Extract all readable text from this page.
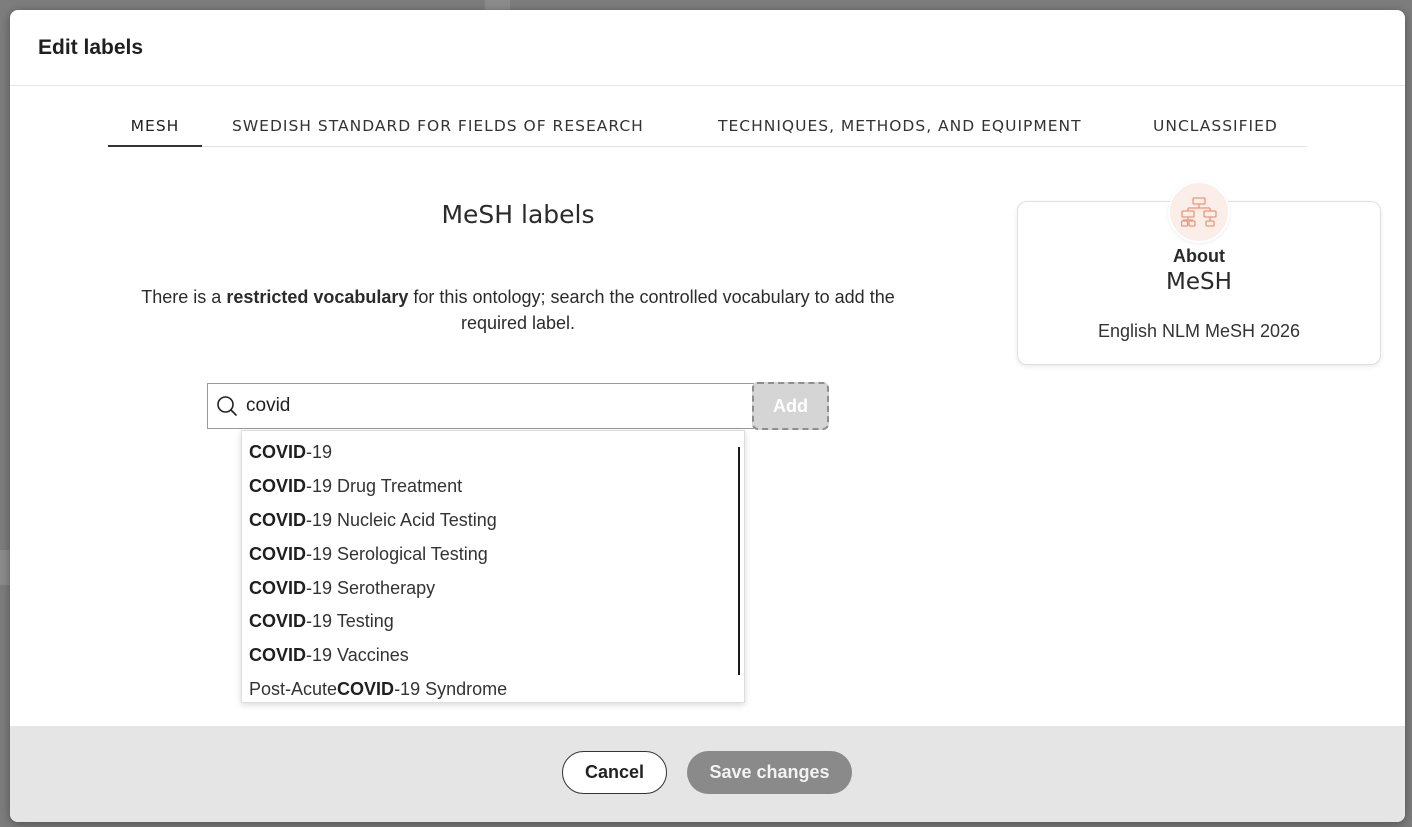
Edit labels
MESH	SWEDISH STANDARD FOR FIELDS OF RESEARCH	TECHNIQUES, METHODS, AND EQUIPMENT	UNCLASSIFIED
MeSH labels
There is a restricted vocabulary for this ontology; search the controlled vocabulary to add the required label.
covid
Add
COVID -19
COVID -19 Drug Treatment
COVID -19 Nucleic Acid Testing
COVID -19 Serological Testing
COVID -19 Serotherapy
COVID -19 Testing
COVID -19 Vaccines
Post-Acute COVID -19 Syndrome
About
MeSH
English NLM MeSH 2026
Cancel	Save changes
